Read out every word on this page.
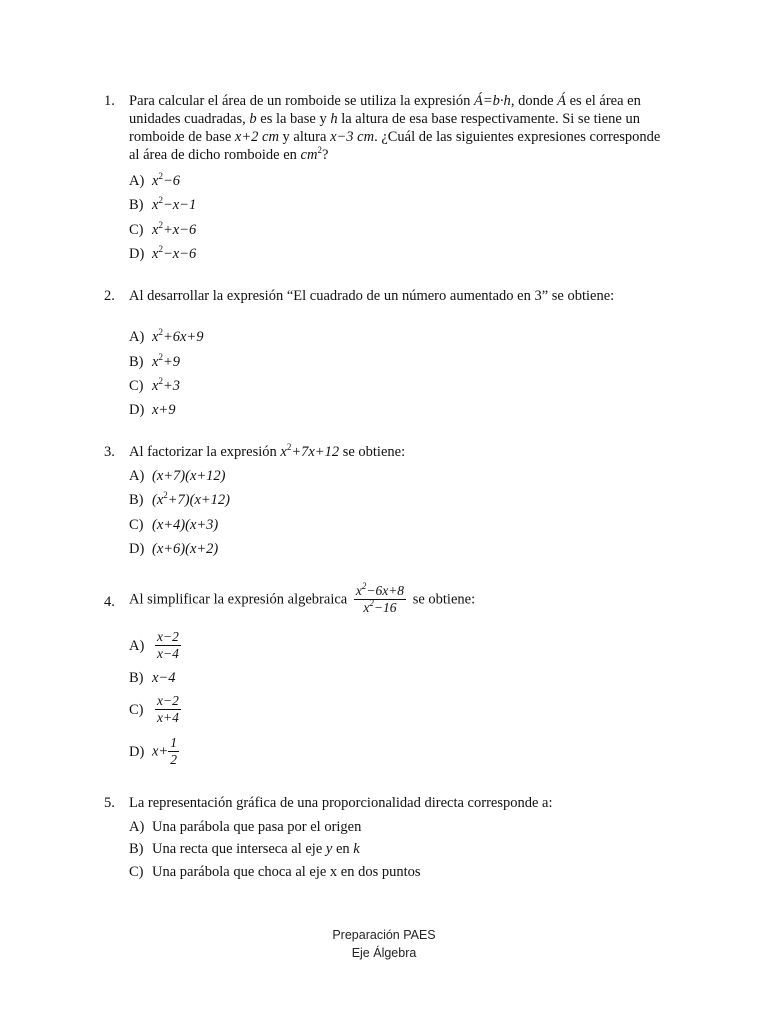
1. Para calcular el área de un romboide se utiliza la expresión Á=b·h, donde Á es el área en unidades cuadradas, b es la base y h la altura de esa base respectivamente. Si se tiene un romboide de base x+2 cm y altura x−3 cm. ¿Cuál de las siguientes expresiones corresponde al área de dicho romboide en $cm^2$?
A) $x^2-6$
B) $x^2-x-1$
C) $x^2+x-6$
D) $x^2-x-6$
2. Al desarrollar la expresión “El cuadrado de un número aumentado en 3” se obtiene:
A) $x^2+6x+9$
B) $x^2+9$
C) $x^2+3$
D) x+9
3. Al factorizar la expresión $x^2+7x+12$ se obtiene:
A) (x+7)(x+12)
B) $(x^2+7)(x+12)$
C) (x+4)(x+3)
D) (x+6)(x+2)
4. Al simplificar la expresión algebraica $\frac{x^2-6x+8}{x^2-16}$ se obtiene:
$A) \frac{x-2}{x-4}$
B) x−4
$C) \frac{x-2}{x+4}$
D) $x+ \frac{1}{2}$
5. La representación gráfica de una proporcionalidad directa corresponde a:
A) Una parábola que pasa por el origen
B) Una recta que interseca al eje y en k
C) Una parábola que choca al eje x en dos puntos
Preparación PAES
Eje Álgebra
